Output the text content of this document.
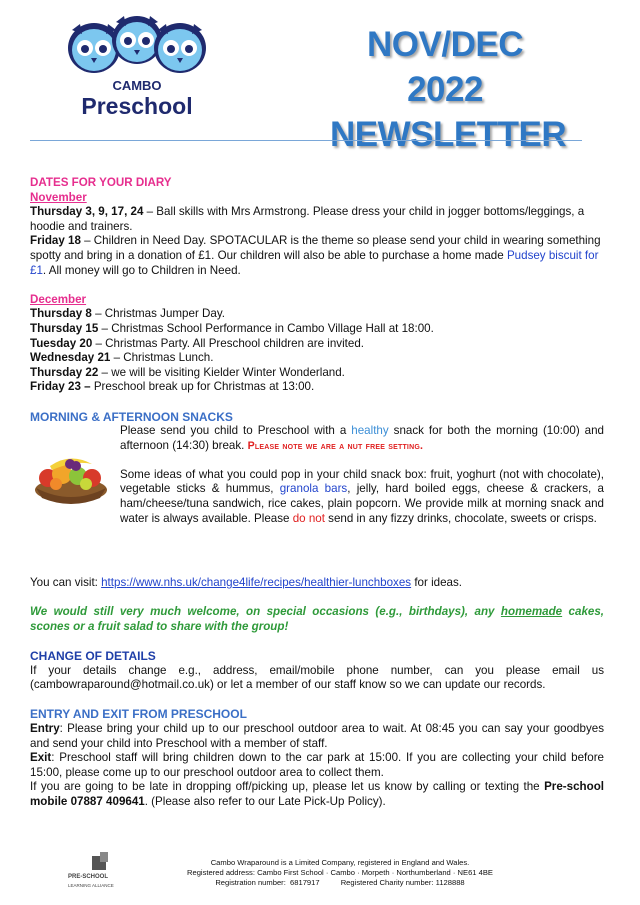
CAMBO
Preschool
NOV/DEC 2022
NEWSLETTER

DATES FOR YOUR DIARY

November

Thursday 3, 9, 17, 24 – Ball skills with Mrs Armstrong. Please dress your child in jogger bottoms/leggings, a hoodie and trainers.

Friday 18 – Children in Need Day. SPOTACULAR is the theme so please send your child in wearing something spotty and bring in a donation of £1. Our children will also be able to purchase a home made Pudsey biscuit for £1. All money will go to Children in Need.

December

Thursday 8 – Christmas Jumper Day.

Thursday 15 – Christmas School Performance in Cambo Village Hall at 18:00.

Tuesday 20 – Christmas Party. All Preschool children are invited.

Wednesday 21 – Christmas Lunch.

Thursday 22 – we will be visiting Kielder Winter Wonderland.

Friday 23 – Preschool break up for Christmas at 13:00.

MORNING & AFTERNOON SNACKS

Please send you child to Preschool with a healthy snack for both the morning (10:00) and afternoon (14:30) break. Please note we are a nut free setting.

Some ideas of what you could pop in your child snack box: fruit, yoghurt (not with chocolate), vegetable sticks & hummus, granola bars, jelly, hard boiled eggs, cheese & crackers, a ham/cheese/tuna sandwich, rice cakes, plain popcorn. We provide milk at morning snack and water is always available. Please do not send in any fizzy drinks, chocolate, sweets or crisps.

You can visit: https://www.nhs.uk/change4life/recipes/healthier-lunchboxes for ideas.

We would still very much welcome, on special occasions (e.g., birthdays), any homemade cakes, scones or a fruit salad to share with the group!

CHANGE OF DETAILS

If your details change e.g., address, email/mobile phone number, can you please email us (cambowraparound@hotmail.co.uk) or let a member of our staff know so we can update our records.

ENTRY AND EXIT FROM PRESCHOOL

Entry: Please bring your child up to our preschool outdoor area to wait. At 08:45 you can say your goodbyes and send your child into Preschool with a member of staff.

Exit: Preschool staff will bring children down to the car park at 15:00. If you are collecting your child before 15:00, please come up to our preschool outdoor area to collect them.

If you are going to be late in dropping off/picking up, please let us know by calling or texting the Pre-school mobile 07887 409641. (Please also refer to our Late Pick-Up Policy).

PRE-SCHOOL
LEARNING ALLIANCE
Cambo Wraparound is a Limited Company, registered in England and Wales.
Registered address: Cambo First School · Cambo · Morpeth · Northumberland · NE61 4BE
Registration number:  6817917          Registered Charity number: 1128888
